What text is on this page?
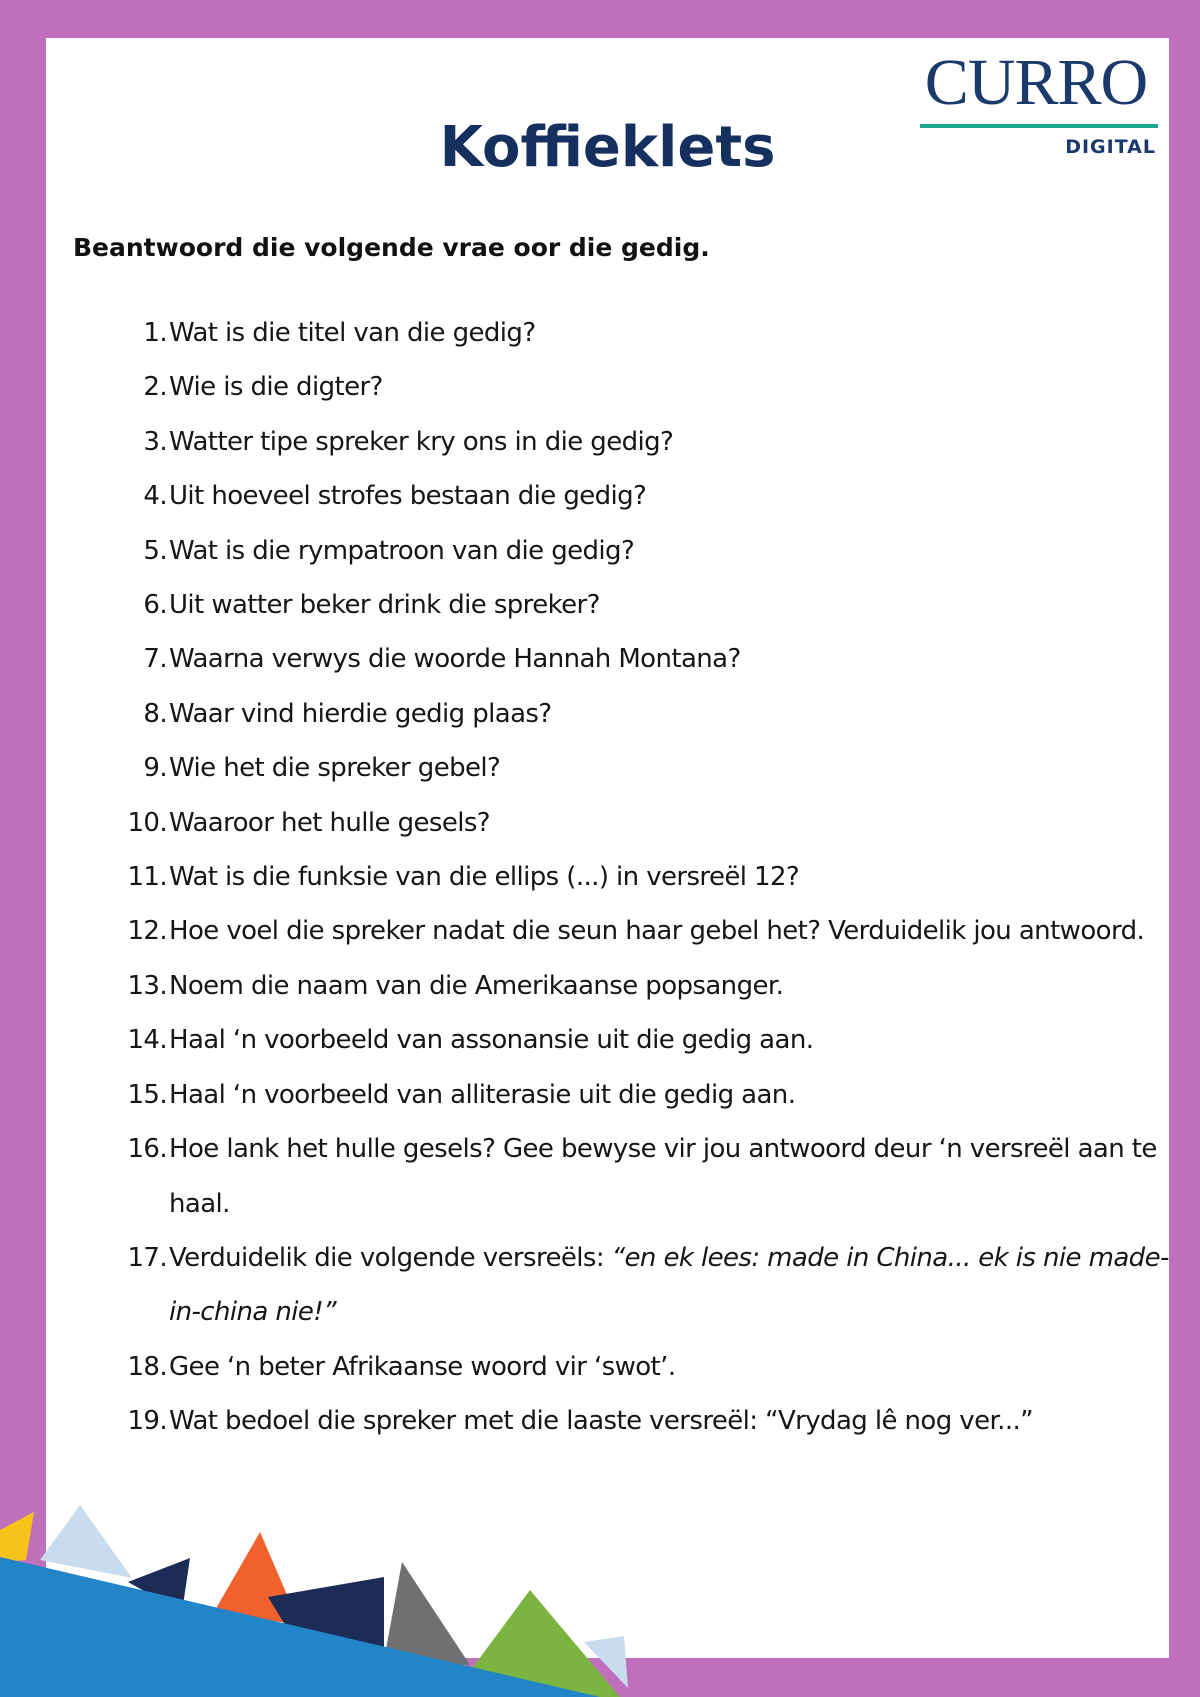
CURRO
DIGITAL
Koffieklets

Beantwoord die volgende vrae oor die gedig.

1. Wat is die titel van die gedig?
2. Wie is die digter?
3. Watter tipe spreker kry ons in die gedig?
4. Uit hoeveel strofes bestaan die gedig?
5. Wat is die rympatroon van die gedig?
6. Uit watter beker drink die spreker?
7. Waarna verwys die woorde Hannah Montana?
8. Waar vind hierdie gedig plaas?
9. Wie het die spreker gebel?
10. Waaroor het hulle gesels?
11. Wat is die funksie van die ellips (...) in versreël 12?
12. Hoe voel die spreker nadat die seun haar gebel het? Verduidelik jou antwoord.
13. Noem die naam van die Amerikaanse popsanger.
14. Haal ‘n voorbeeld van assonansie uit die gedig aan.
15. Haal ‘n voorbeeld van alliterasie uit die gedig aan.
16. Hoe lank het hulle gesels? Gee bewyse vir jou antwoord deur ‘n versreël aan te haal.
17. Verduidelik die volgende versreëls: “en ek lees: made in China... ek is nie made-in-china nie!”
18. Gee ‘n beter Afrikaanse woord vir ‘swot’.
19. Wat bedoel die spreker met die laaste versreël: “Vrydag lê nog ver...”
